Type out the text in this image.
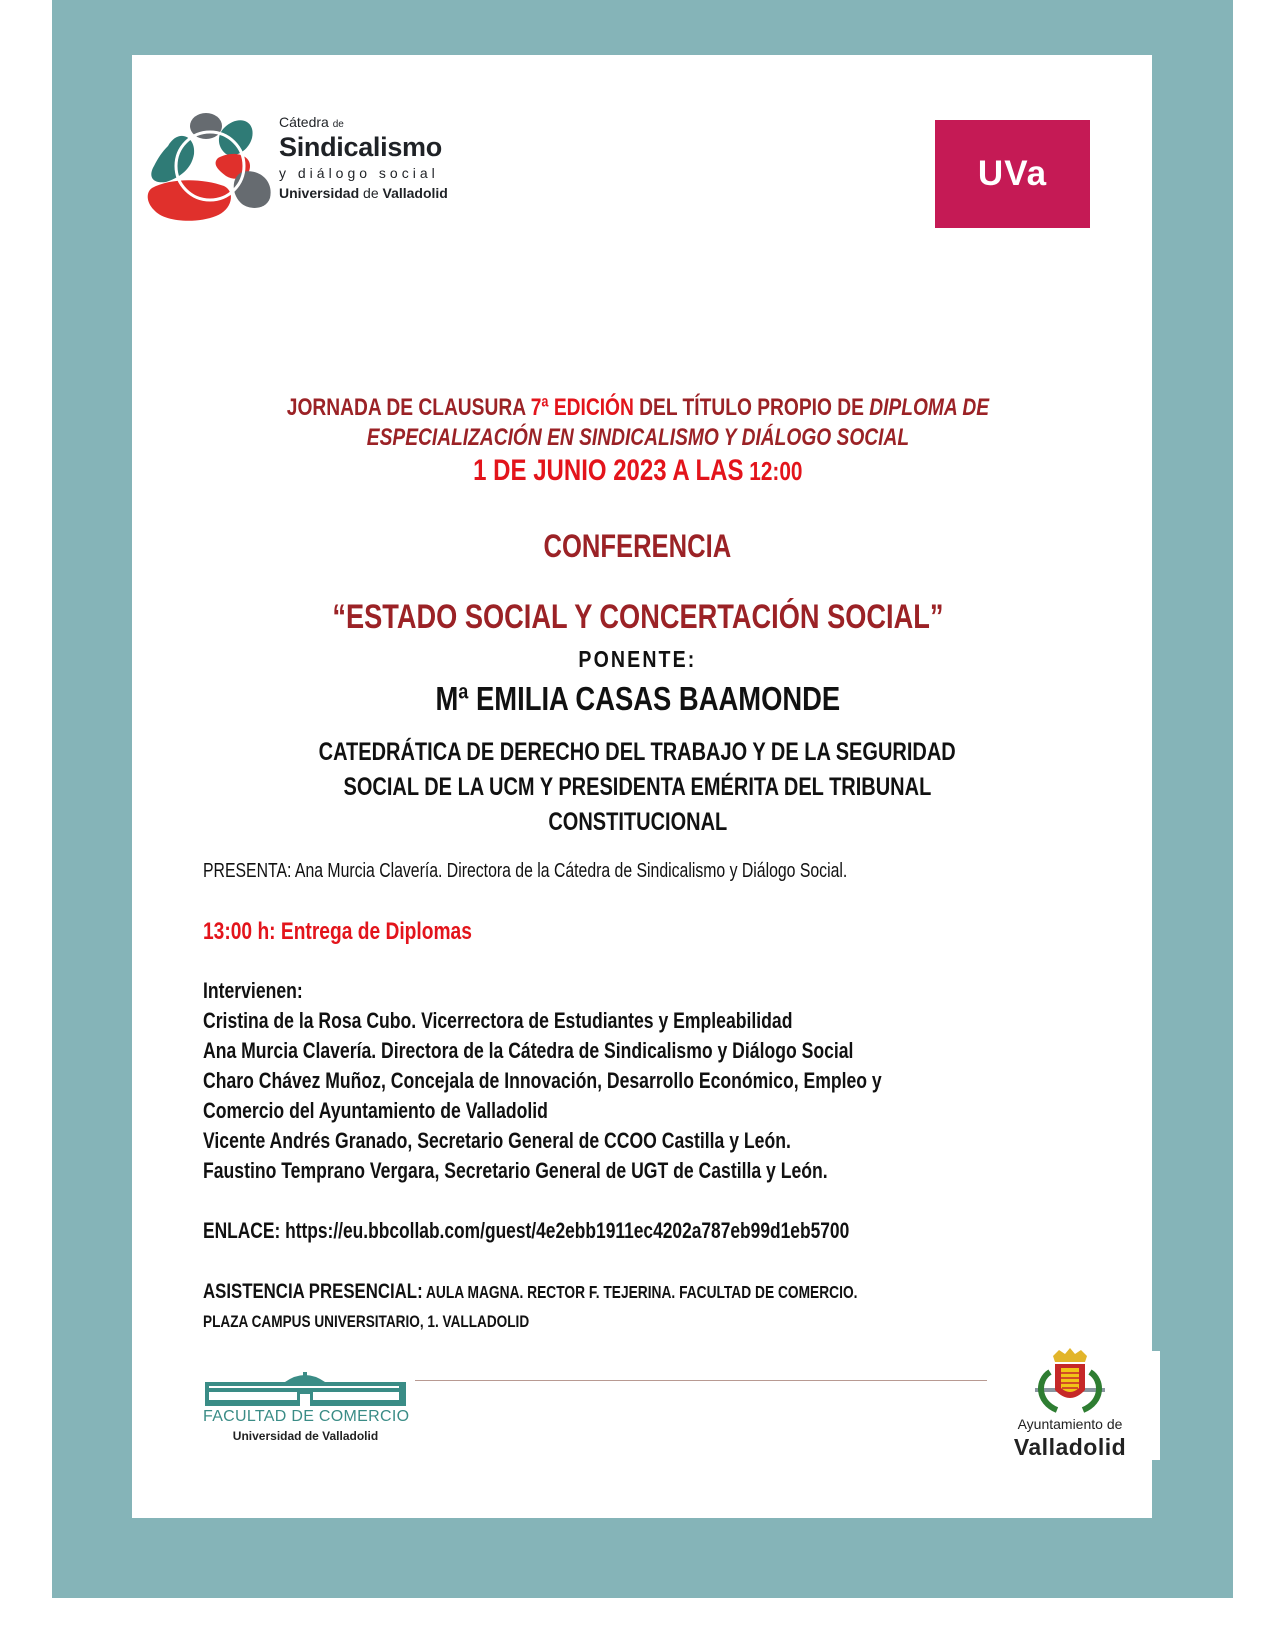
Cátedra de
Sindicalismo
y diálogo social
Universidad de Valladolid	UVa
JORNADA DE CLAUSURA 7ª EDICIÓN DEL TÍTULO PROPIO DE DIPLOMA DE
ESPECIALIZACIÓN EN SINDICALISMO Y DIÁLOGO SOCIAL
1 DE JUNIO 2023 A LAS 12:00
CONFERENCIA
“ESTADO SOCIAL Y CONCERTACIÓN SOCIAL”
PONENTE:
Mª EMILIA CASAS BAAMONDE
CATEDRÁTICA DE DERECHO DEL TRABAJO Y DE LA SEGURIDAD
SOCIAL DE LA UCM Y PRESIDENTA EMÉRITA DEL TRIBUNAL
CONSTITUCIONAL
PRESENTA: Ana Murcia Clavería. Directora de la Cátedra de Sindicalismo y Diálogo Social.
13:00 h: Entrega de Diplomas
Intervienen:
Cristina de la Rosa Cubo. Vicerrectora de Estudiantes y Empleabilidad
Ana Murcia Clavería. Directora de la Cátedra de Sindicalismo y Diálogo Social
Charo Chávez Muñoz, Concejala de Innovación, Desarrollo Económico, Empleo y
Comercio del Ayuntamiento de Valladolid
Vicente Andrés Granado, Secretario General de CCOO Castilla y León.
Faustino Temprano Vergara, Secretario General de UGT de Castilla y León.
ENLACE: https://eu.bbcollab.com/guest/4e2ebb1911ec4202a787eb99d1eb5700
ASISTENCIA PRESENCIAL: AULA MAGNA. RECTOR F. TEJERINA. FACULTAD DE COMERCIO.
PLAZA CAMPUS UNIVERSITARIO, 1. VALLADOLID
FACULTAD DE COMERCIO
Universidad de Valladolid
Ayuntamiento de
Valladolid
